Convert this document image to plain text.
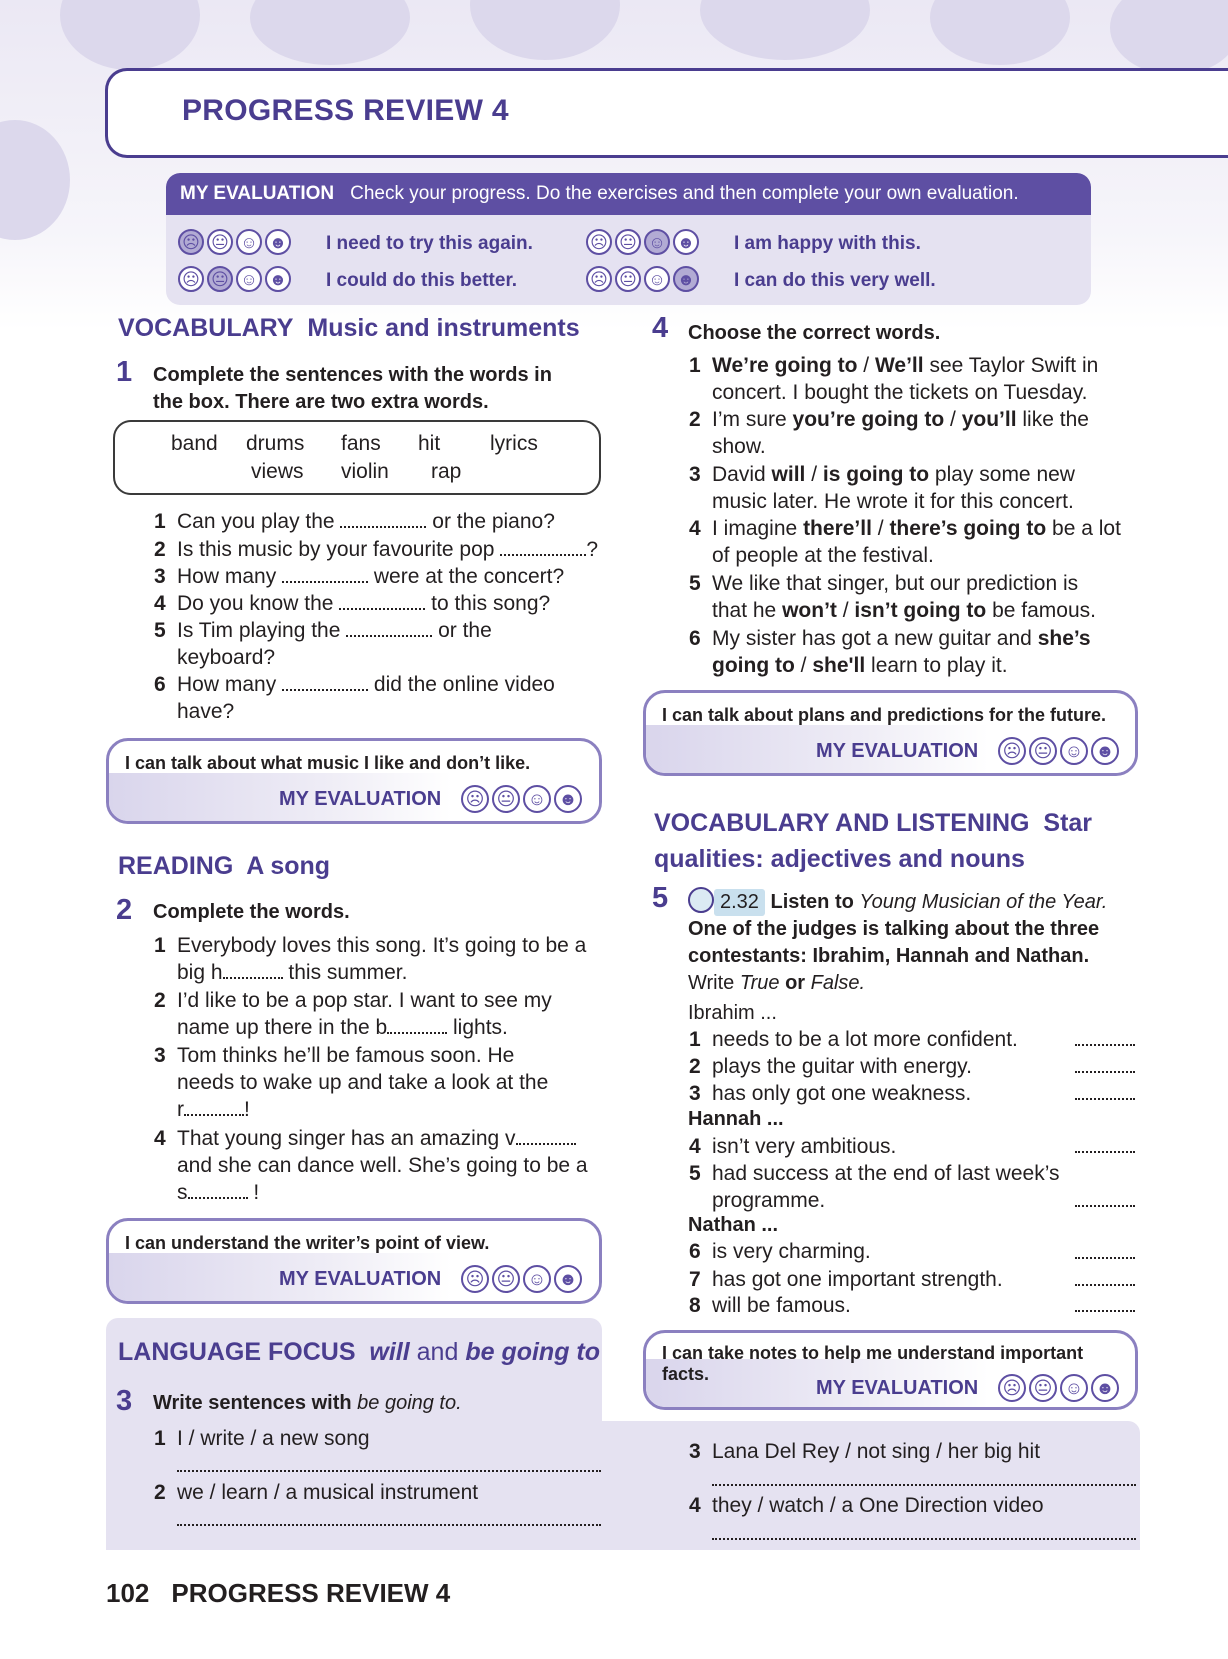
PROGRESS REVIEW 4
MY EVALUATION Check your progress. Do the exercises and then complete your own evaluation.
☹ 😐 ☺ ☻ I need to try this again.
☹ 😐 ☺ ☻ I could do this better.
☹ 😐 ☺ ☻ I am happy with this.
☹ 😐 ☺ ☻ I can do this very well.
VOCABULARY Music and instruments
1 Complete the sentences with the words in the box. There are two extra words.
band drums fans hit lyrics
views violin rap
1 Can you play the	or the piano?
2 Is this music by your favourite pop	?
3 How many	were at the concert?
4 Do you know the	to this song?
5 Is Tim playing the	or the
keyboard?
6 How many	did the online video
have?
I can talk about what music I like and don’t like.
MY EVALUATION ☹ 😐 ☺ ☻
READING A song
2 Complete the words.
1 Everybody loves this song. It’s going to be a
big h	this summer.
2 I’d like to be a pop star. I want to see my
name up there in the b	lights.
3 Tom thinks he’ll be famous soon. He
needs to wake up and take a look at the
r	!
4 That young singer has an amazing v
and she can dance well. She’s going to be a
s	!
I can understand the writer’s point of view.
MY EVALUATION ☹ 😐 ☺ ☻
LANGUAGE FOCUS will and be going to
3 Write sentences with be going to.
1 I / write / a new song
2 we / learn / a musical instrument
3 Lana Del Rey / not sing / her big hit
4 they / watch / a One Direction video
4 Choose the correct words.
1 We’re going to / We’ll see Taylor Swift in
concert. I bought the tickets on Tuesday.
2 I’m sure you’re going to / you’ll like the
show.
3 David will / is going to play some new
music later. He wrote it for this concert.
4 I imagine there’ll / there’s going to be a lot
of people at the festival.
5 We like that singer, but our prediction is
that he won’t / isn’t going to be famous.
6 My sister has got a new guitar and she’s
going to / she'll learn to play it.
I can talk about plans and predictions for the future.
MY EVALUATION ☹ 😐 ☺ ☻
VOCABULARY AND LISTENING Star
qualities: adjectives and nouns
5	2.32 Listen to Young Musician of the Year.
One of the judges is talking about the three
contestants: Ibrahim, Hannah and Nathan.
Write True or False.
Ibrahim ...
1 needs to be a lot more confident.
2 plays the guitar with energy.
3 has only got one weakness.
Hannah ...
4 isn’t very ambitious.
5 had success at the end of last week’s
programme.
Nathan ...
6 is very charming.
7 has got one important strength.
8 will be famous.
I can take notes to help me understand important facts.
MY EVALUATION ☹ 😐 ☺ ☻
102 PROGRESS REVIEW 4
